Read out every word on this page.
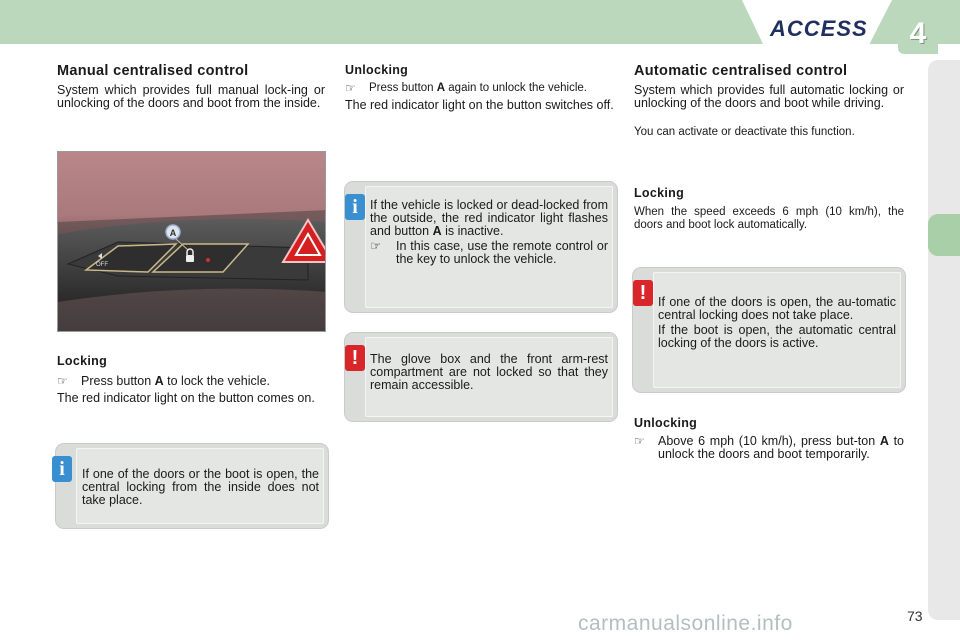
ACCESS	4
Manual centralised control
System which provides full manual lock-ing or unlocking of the doors and boot from the inside.
A
OFF
Locking
☞	Press button A to lock the vehicle.
The red indicator light on the button comes on.
If one of the doors or the boot is open, the central locking from the inside does not take place.
i
Unlocking
☞	Press button A again to unlock the vehicle.
The red indicator light on the button switches off.

If the vehicle is locked or dead-locked from the outside, the red indicator light flashes and button A is inactive.

☞ In this case, use the remote control or the key to unlock the vehicle.

i
The glove box and the front arm-rest compartment are not locked so that they remain accessible.
!
Automatic centralised control
System which provides full automatic locking or unlocking of the doors and boot while driving.
You can activate or deactivate this function.
Locking
When the speed exceeds 6 mph (10 km/h), the doors and boot lock automatically.

If one of the doors is open, the au-tomatic central locking does not take place.

If the boot is open, the automatic central locking of the doors is active.

!
Unlocking
☞	Above 6 mph (10 km/h), press but-ton A to unlock the doors and boot temporarily.
carmanualsonline.info	73
